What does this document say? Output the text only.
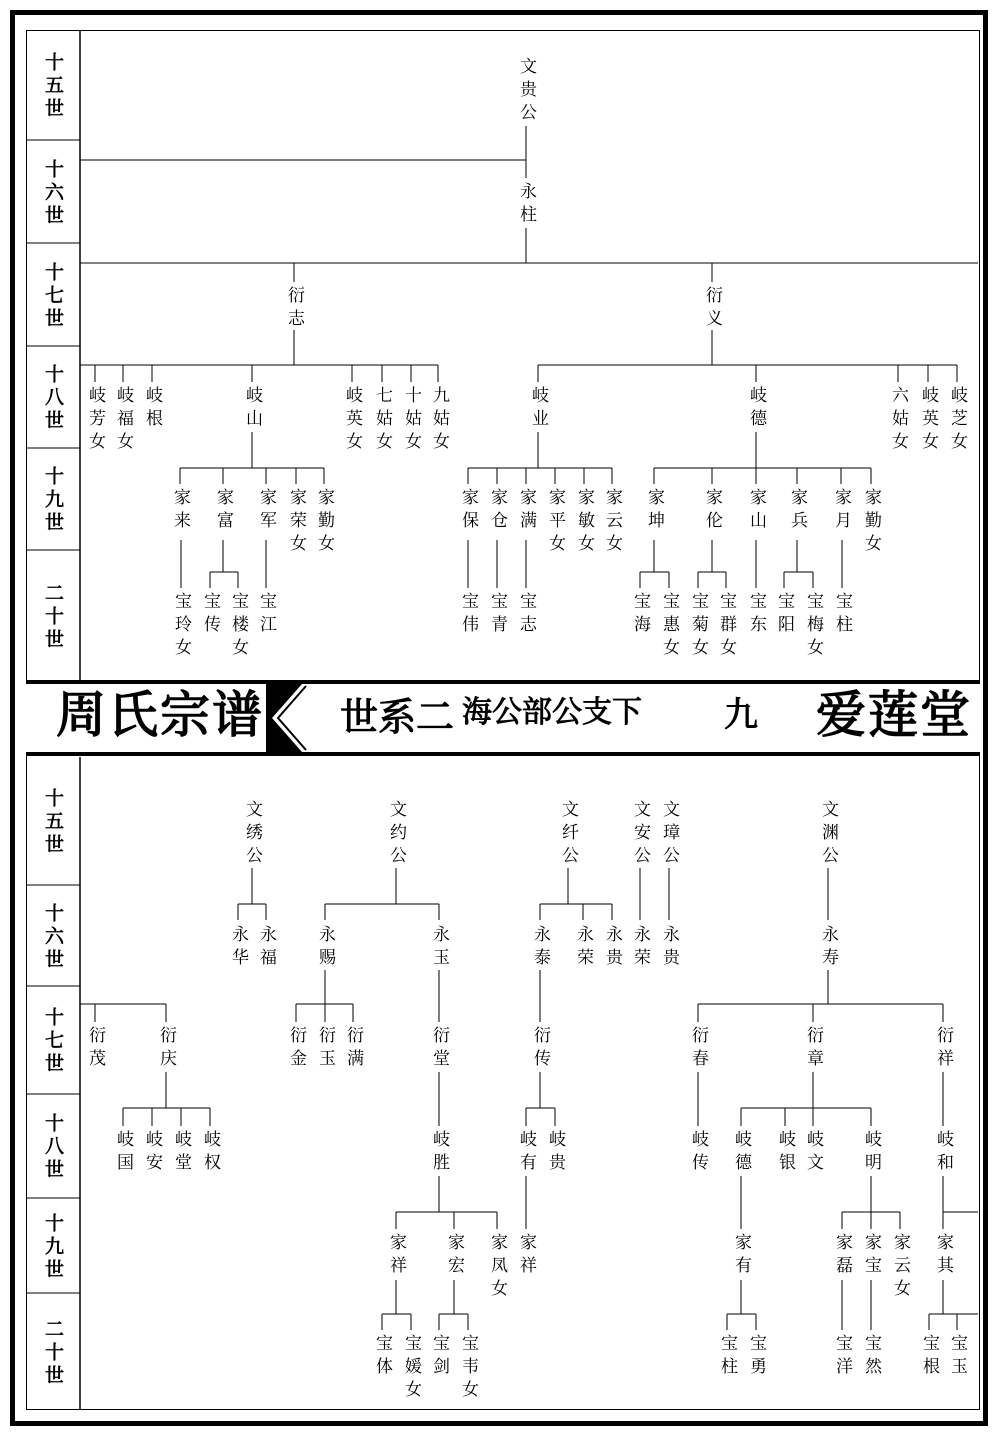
文贵公
永柱
衍志	衍义
岐芳女 岐福女 岐根	岐山	岐英女 七姑女 十姑女 九姑女	岐业	岐德	六姑女 岐英女 岐芝女
家来 家富 家军 家荣女 家勤女	家保 家仓 家满 家平女 家敏女 家云女 家坤 家伦 家山 家兵 家月 家勤女
宝玲女 宝传 宝楼女 宝江	宝伟 宝青 宝志	宝海 宝惠女 宝菊女 宝群女 宝东 宝阳 宝梅女 宝柱
文绣公	文约公	文纤公	文安公 文璋公	文渊公
永华 永福 永赐	永玉	永泰 永荣 永贵 永荣 永贵	永寿
衍茂	衍庆	衍金 衍玉 衍满	衍堂	衍传	衍春	衍章	衍祥
岐国 岐安 岐堂 岐权	岐胜	岐有 岐贵	岐传 岐德 岐银 岐文 岐明	岐和
家祥 家宏 家凤女 家祥	家有	家磊 家宝 家云女 家其
宝体 宝媛女 宝剑 宝韦女	宝柱 宝勇	宝洋 宝然 宝根 宝玉
十五世
十六世
十七世
十八世
十九世
二十世
十五世
十六世
十七世
十八世
十九世
二十世
周氏宗谱 世系二 海公部公支下 九 爱莲堂
